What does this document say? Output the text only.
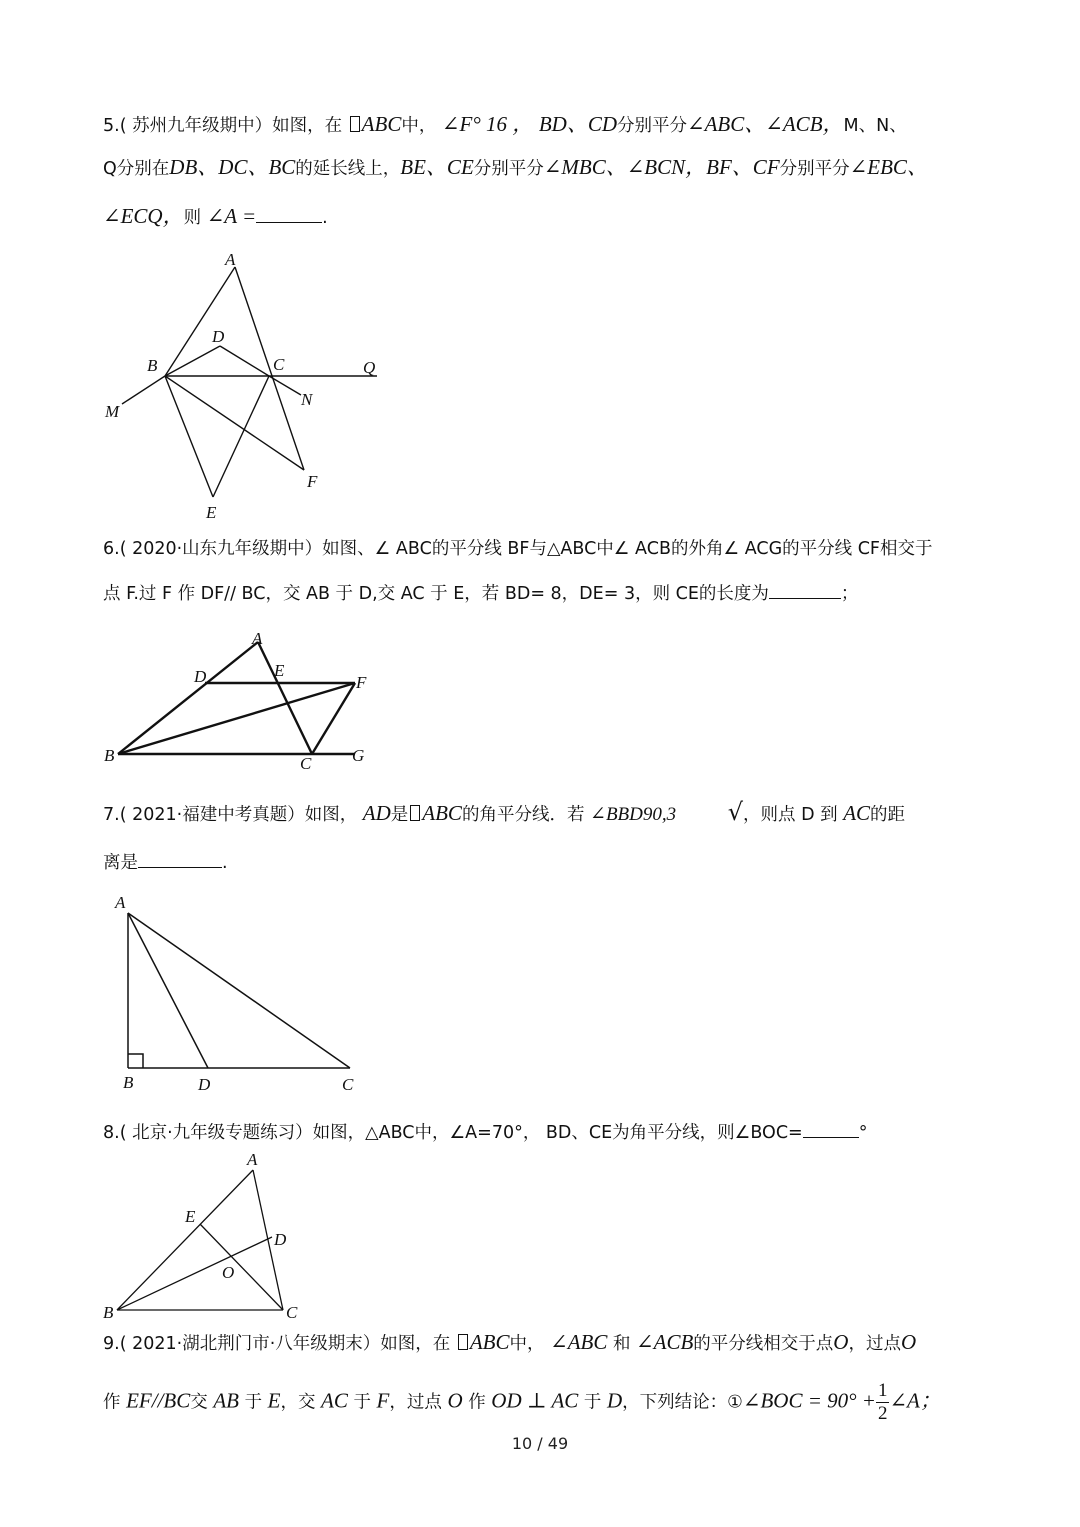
5.( 苏州九年级期中）如图，在 ABC中， ∠F° 16 ， BD、CD分别平分∠ABC、∠ACB，M、N、
Q分别在DB、DC、BC的延长线上，BE、CE分别平分∠MBC、∠BCN，BF、CF分别平分∠EBC、
∠ECQ，则 ∠A =	.
A
D
B	C	Q
N
M
F
E
6.( 2020·山东九年级期中）如图、∠ ABC的平分线 BF与△ABC中∠ ACB的外角∠ ACG的平分线 CF相交于
点 F.过 F 作 DF// BC，交 AB 于 D,交 AC 于 E，若 BD= 8，DE= 3，则 CE的长度为	；
A
D	E
F
B	C G
7.( 2021·福建中考真题）如图， AD是 ABC的角平分线．若 ∠BBD90,3 √，则点 D 到 AC的距
离是	.
A
B	D	C
8.( 北京·九年级专题练习）如图，△ABC中，∠A=70°， BD、CE为角平分线，则∠BOC=	°
A
E
D
O
B	C
9.( 2021·湖北荆门市·八年级期末）如图，在 ABC中， ∠ABC 和 ∠ACB的平分线相交于点O，过点O
作 EF//BC交 AB 于 E，交 AC 于 F，过点 O 作 OD ⊥ AC 于 D，下列结论：①∠BOC = $90^\circ + \frac{1}{2}$ ∠A；
10 / 49
